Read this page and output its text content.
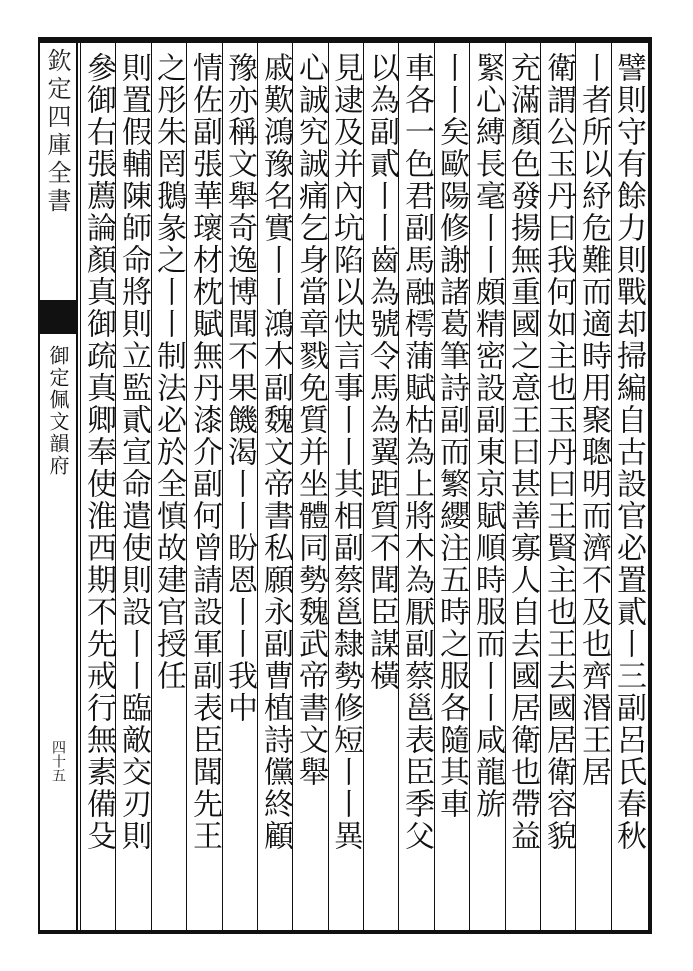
欽定四庫全書
御定佩文韻府
四十五	譬則守有餘力則戰却掃編自古設官必置貳丨三副呂氏春秋
丨者所以紓危難而適時用聚聰明而濟不及也齊湣王居
衛謂公玉丹曰我何如主也玉丹曰王賢主也王去國居衛容貌
充滿顏色發揚無重國之意王曰甚善寡人自去國居衛也帶益
緊心縛長毫丨丨頗精密設副東京賦順時服而丨丨咸龍旂
丨丨矣歐陽修謝諸葛筆詩副而繁纓注五時之服各隨其車
車各一色君副馬融樗蒲賦枯為上將木為厭副蔡邕表臣季父
以為副貳丨丨齒為號令馬為翼距質不聞臣謀橫
見逮及并內坑陷以快言事丨丨其相副蔡邕隸勢修短丨丨異
心誠究誠痛乞身當章戮免質并坐體同勢魏武帝書文舉
戚歎鴻豫名實丨丨鴻木副魏文帝書私願永副曹植詩儻終顧
豫亦稱文舉奇逸博聞不果饑渴丨丨盼恩丨丨我中
情佐副張華瓌材枕賦無丹漆介副何曾請設軍副表臣聞先王
之彤朱罔鵝彖之丨丨制法必於全慎故建官授任
則置假輔陳師命將則立監貳宣命遣使則設丨丨臨敵交刃則
參御右張薦論顏真御疏真卿奉使淮西期不先戒行無素備殳
